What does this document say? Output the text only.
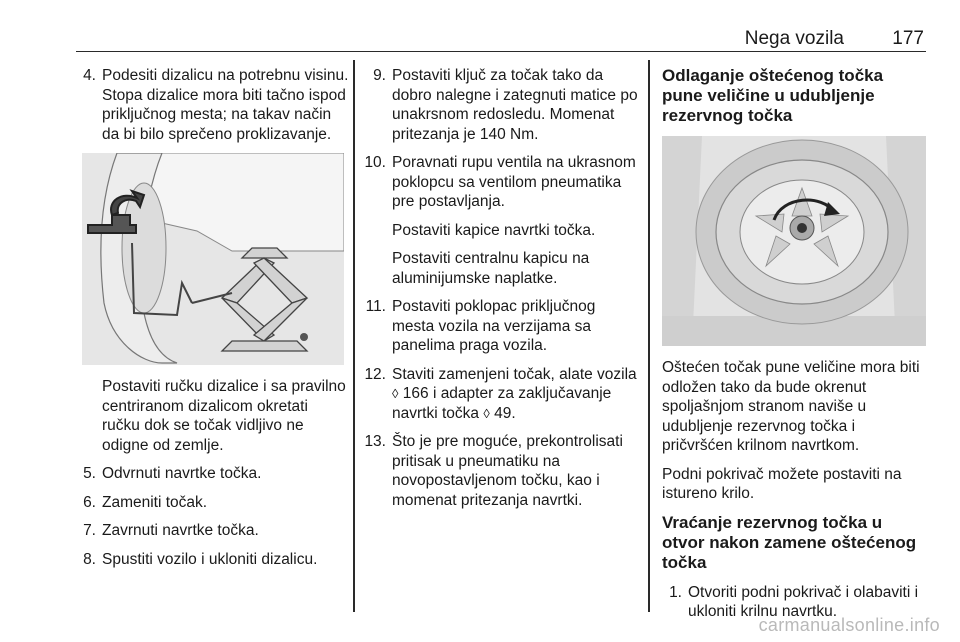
Nega vozila	177
4. Podesiti dizalicu na potrebnu visinu. Stopa dizalice mora biti tačno ispod priključnog mesta; na takav način da bi bilo sprečeno proklizavanje.
Postaviti ručku dizalice i sa pravilno centriranom dizalicom okretati ručku dok se točak vidljivo ne odigne od zemlje.
5. Odvrnuti navrtke točka.
6. Zameniti točak.
7. Zavrnuti navrtke točka.
8. Spustiti vozilo i ukloniti dizalicu.
9. Postaviti ključ za točak tako da dobro nalegne i zategnuti matice po unakrsnom redosledu. Momenat pritezanja je 140 Nm.
10. Poravnati rupu ventila na ukrasnom poklopcu sa ventilom pneumatika pre postavljanja.
Postaviti kapice navrtki točka.
Postaviti centralnu kapicu na aluminijumske naplatke.
11. Postaviti poklopac priključnog mesta vozila na verzijama sa panelima praga vozila.
12. Staviti zamenjeni točak, alate vozila ◊ 166 i adapter za zaključavanje navrtki točka ◊ 49.
13. Što je pre moguće, prekontrolisati pritisak u pneumatiku na novopostavljenom točku, kao i momenat pritezanja navrtki.
Odlaganje oštećenog točka pune veličine u udubljenje rezervnog točka
Oštećen točak pune veličine mora biti odložen tako da bude okrenut spoljašnjom stranom naviše u udubljenje rezervnog točka i pričvršćen krilnom navrtkom.
Podni pokrivač možete postaviti na istureno krilo.
Vraćanje rezervnog točka u otvor nakon zamene oštećenog točka
1. Otvoriti podni pokrivač i olabaviti i ukloniti krilnu navrtku.
carmanualsonline.info
